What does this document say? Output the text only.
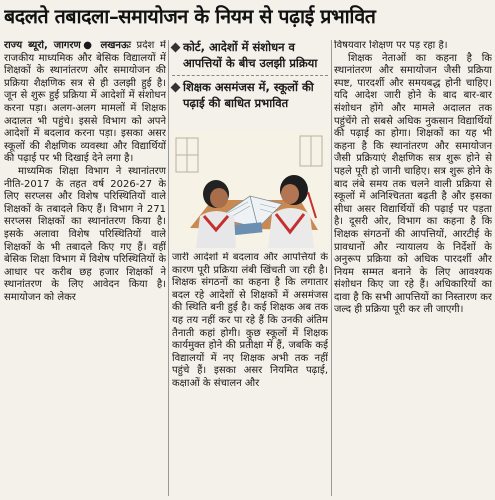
बदलते तबादला–समायोजन के नियम से पढ़ाई प्रभावित

राज्य ब्यूरो, जागरण● लखनऊः प्रदेश में राजकीय माध्यमिक और बेसिक विद्यालयों में शिक्षकों के स्थानांतरण और समायोजन की प्रक्रिया शैक्षणिक सत्र से ही उलझी हुई है। जून से शुरू हुई प्रक्रिया में आदेशों में संशोधन करना पड़ा। अलग-अलग मामलों में शिक्षक अदालत भी पहुंचे। इससे विभाग को अपने आदेशों में बदलाव करना पड़ा। इसका असर स्कूलों की शैक्षणिक व्यवस्था और विद्यार्थियों की पढ़ाई पर भी दिखाई देने लगा है।

माध्यमिक शिक्षा विभाग ने स्थानांतरण नीति-2017 के तहत वर्ष 2026-27 के लिए सरप्लस और विशेष परिस्थितियों वाले शिक्षकों के तबादले किए हैं। विभाग ने 271 सरप्लस शिक्षकों का स्थानांतरण किया है। इसके अलावा विशेष परिस्थितियों वाले शिक्षकों के भी तबादले किए गए हैं। वहीं बेसिक शिक्षा विभाग में विशेष परिस्थितियों के आधार पर करीब छह हजार शिक्षकों ने स्थानांतरण के लिए आवेदन किया है। समायोजन को लेकर

कोर्ट, आदेशों में संशोधन व आपत्तियों के बीच उलझी प्रक्रिया
शिक्षक असमंजस में, स्कूलों की पढ़ाई की बाधित प्रभावित

जारी आदेशों में बदलाव और आपत्तियों के कारण पूरी प्रक्रिया लंबी खिंचती जा रही है। शिक्षक संगठनों का कहना है कि लगातार बदल रहे आदेशों से शिक्षकों में असमंजस की स्थिति बनी हुई है। कई शिक्षक अब तक यह तय नहीं कर पा रहे हैं कि उनकी अंतिम तैनाती कहां होगी। कुछ स्कूलों में शिक्षक कार्यमुक्त होने की प्रतीक्षा में हैं, जबकि कई विद्यालयों में नए शिक्षक अभी तक नहीं पहुंचे हैं। इसका असर नियमित पढ़ाई, कक्षाओं के संचालन और

विषयवार शिक्षण पर पड़ रहा है।

शिक्षक नेताओं का कहना है कि स्थानांतरण और समायोजन जैसी प्रक्रिया स्पष्ट, पारदर्शी और समयबद्ध होनी चाहिए। यदि आदेश जारी होने के बाद बार-बार संशोधन होंगे और मामले अदालत तक पहुंचेंगे तो सबसे अधिक नुकसान विद्यार्थियों की पढ़ाई का होगा। शिक्षकों का यह भी कहना है कि स्थानांतरण और समायोजन जैसी प्रक्रियाएं शैक्षणिक सत्र शुरू होने से पहले पूरी हो जानी चाहिए। सत्र शुरू होने के बाद लंबे समय तक चलने वाली प्रक्रिया से स्कूलों में अनिश्चितता बढ़ती है और इसका सीधा असर विद्यार्थियों की पढ़ाई पर पड़ता है। दूसरी ओर, विभाग का कहना है कि शिक्षक संगठनों की आपत्तियों, आरटीई के प्रावधानों और न्यायालय के निर्देशों के अनुरूप प्रक्रिया को अधिक पारदर्शी और नियम सम्मत बनाने के लिए आवश्यक संशोधन किए जा रहे हैं। अधिकारियों का दावा है कि सभी आपत्तियों का निस्तारण कर जल्द ही प्रक्रिया पूरी कर ली जाएगी।
